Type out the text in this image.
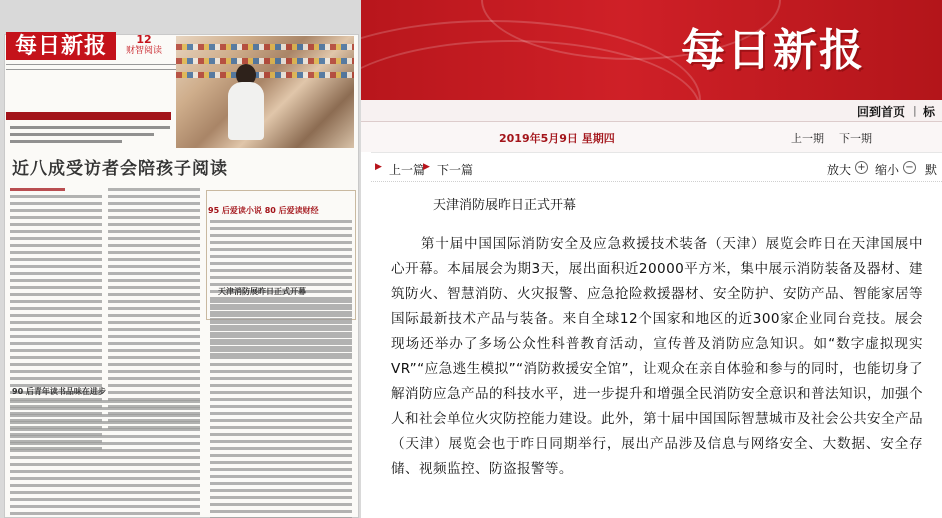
每日新报	12
财智阅读
近八成受访者会陪孩子阅读
95 后爱读小说 80 后爱读财经
天津消防展昨日正式开幕
90 后青年读书品味在进步
每日新报
回到首页 | 标
2019年5月9日 星期四	上一期 下一期
▶ 上一篇
▶ 下一篇	放大 + 缩小 − 默
天津消防展昨日正式开幕
第十届中国国际消防安全及应急救援技术装备（天津）展览会昨日在天津国展中心开幕。本届展会为期3天，展出面积近20000平方米，集中展示消防装备及器材、建筑防火、智慧消防、火灾报警、应急抢险救援器材、安全防护、安防产品、智能家居等国际最新技术产品与装备。来自全球12个国家和地区的近300家企业同台竞技。展会现场还举办了多场公众性科普教育活动，宣传普及消防应急知识。如“数字虚拟现实VR”“应急逃生模拟”“消防救援安全馆”，让观众在亲自体验和参与的同时，也能切身了解消防应急产品的科技水平，进一步提升和增强全民消防安全意识和普法知识，加强个人和社会单位火灾防控能力建设。此外，第十届中国国际智慧城市及社会公共安全产品（天津）展览会也于昨日同期举行，展出产品涉及信息与网络安全、大数据、安全存储、视频监控、防盗报警等。
